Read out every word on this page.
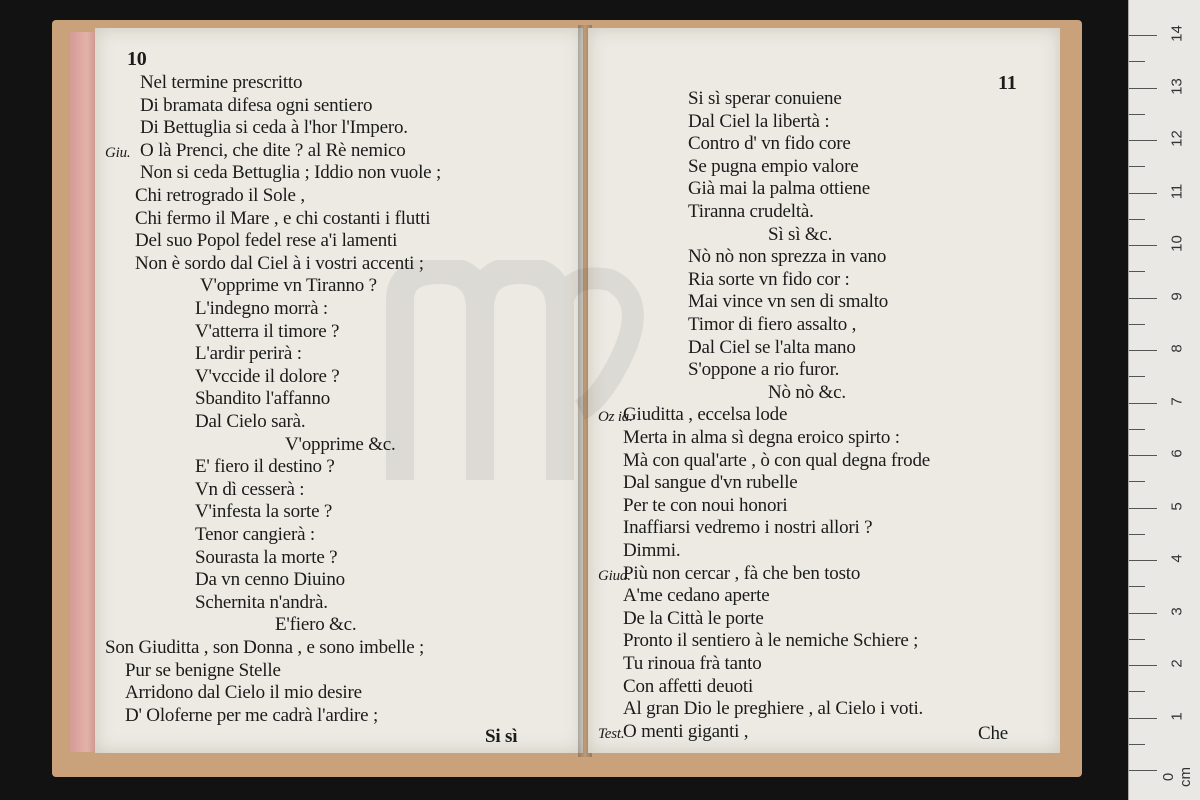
10
Nel termine prescritto
Di bramata difesa ogni sentiero
Di Bettuglia si ceda à l'hor l'Impero.
Giu. O là Prenci, che dite ? al Rè nemico
Non si ceda Bettuglia ; Iddio non vuole ;
Chi retrogrado il Sole ,
Chi fermo il Mare , e chi costanti i flutti
Del suo Popol fedel rese a'i lamenti
Non è sordo dal Ciel à i vostri accenti ;
V'opprime vn Tiranno ?
L'indegno morrà :
V'atterra il timore ?
L'ardir perirà :
V'vccide il dolore ?
Sbandito l'affanno
Dal Cielo sarà.
V'opprime &c.
E' fiero il destino ?
Vn dì cesserà :
V'infesta la sorte ?
Tenor cangierà :
Sourasta la morte ?
Da vn cenno Diuino
Schernita n'andrà.
E'fiero &c.
Son Giuditta , son Donna , e sono imbelle ;
Pur se benigne Stelle
Arridono dal Cielo il mio desire
D' Oloferne per me cadrà l'ardire ;
Si sì
11
Si sì sperar conuiene
Dal Ciel la libertà :
Contro d' vn fido core
Se pugna empio valore
Già mai la palma ottiene
Tiranna crudeltà.
Sì sì &c.
Nò nò non sprezza in vano
Ria sorte vn fido cor :
Mai vince vn sen di smalto
Timor di fiero assalto ,
Dal Ciel se l'alta mano
S'oppone a rio furor.
Nò nò &c.
Oz ia.
Giuditta , eccelsa lode
Merta in alma sì degna eroico spirto :
Mà con qual'arte , ò con qual degna frode
Dal sangue d'vn rubelle
Per te con noui honori
Inaffiarsi vedremo i nostri allori ?
Dimmi.
Giud.
Più non cercar , fà che ben tosto
A'me cedano aperte
De la Città le porte
Pronto il sentiero à le nemiche Schiere ;
Tu rinoua frà tanto
Con affetti deuoti
Al gran Dio le preghiere , al Cielo i voti.
Test.
O menti giganti ,	Che
0 cm
1
2
3
4
5
6
7
8
9
10
11
12
13
14
